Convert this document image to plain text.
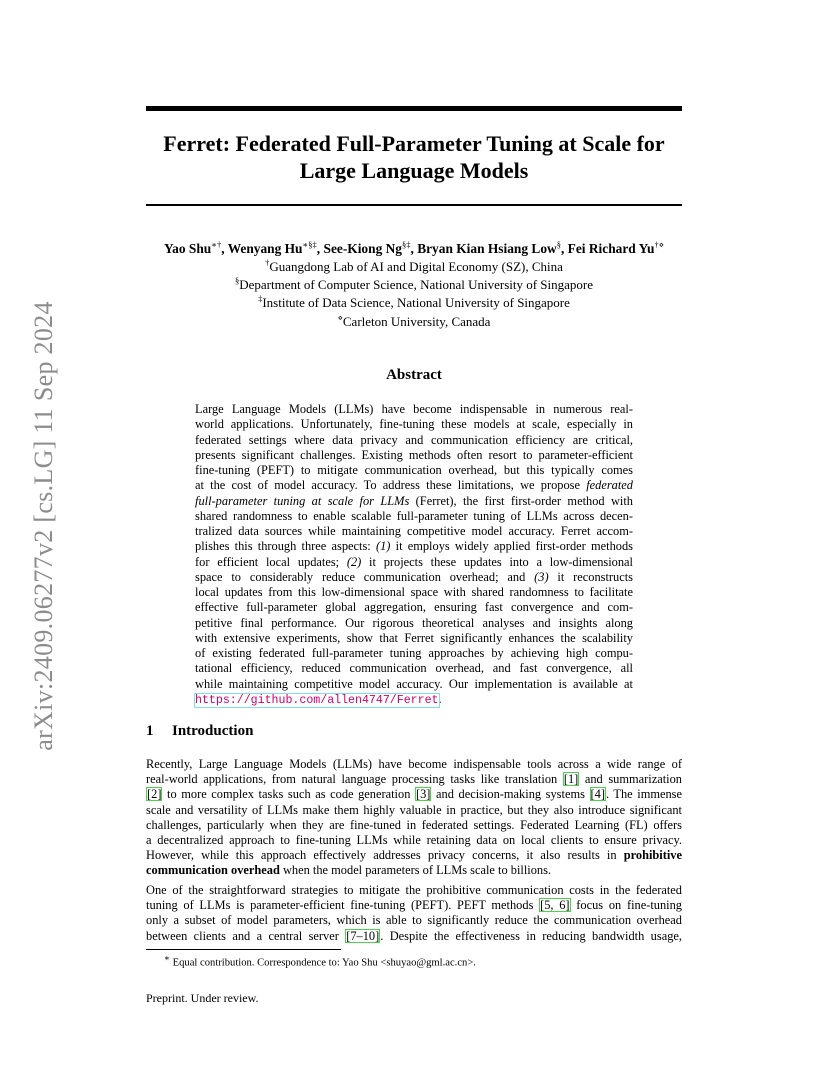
arXiv:2409.06277v2 [cs.LG] 11 Sep 2024
Ferret: Federated Full-Parameter Tuning at Scale for
Large Language Models
Yao Shu∗†, Wenyang Hu∗§‡, See-Kiong Ng§‡, Bryan Kian Hsiang Low§, Fei Richard Yu†⋄
†Guangdong Lab of AI and Digital Economy (SZ), China
§Department of Computer Science, National University of Singapore
‡Institute of Data Science, National University of Singapore
⋄Carleton University, Canada
Abstract
Large Language Models (LLMs) have become indispensable in numerous real-
world applications. Unfortunately, fine-tuning these models at scale, especially in
federated settings where data privacy and communication efficiency are critical,
presents significant challenges. Existing methods often resort to parameter-efficient
fine-tuning (PEFT) to mitigate communication overhead, but this typically comes
at the cost of model accuracy. To address these limitations, we propose federated
full-parameter tuning at scale for LLMs (Ferret), the first first-order method with
shared randomness to enable scalable full-parameter tuning of LLMs across decen-
tralized data sources while maintaining competitive model accuracy. Ferret accom-
plishes this through three aspects: (1) it employs widely applied first-order methods
for efficient local updates; (2) it projects these updates into a low-dimensional
space to considerably reduce communication overhead; and (3) it reconstructs
local updates from this low-dimensional space with shared randomness to facilitate
effective full-parameter global aggregation, ensuring fast convergence and com-
petitive final performance. Our rigorous theoretical analyses and insights along
with extensive experiments, show that Ferret significantly enhances the scalability
of existing federated full-parameter tuning approaches by achieving high compu-
tational efficiency, reduced communication overhead, and fast convergence, all
while maintaining competitive model accuracy. Our implementation is available at
https://github.com/allen4747/Ferret.
1 Introduction
Recently, Large Language Models (LLMs) have become indispensable tools across a wide range of
real-world applications, from natural language processing tasks like translation [1] and summarization
[2] to more complex tasks such as code generation [3] and decision-making systems [4]. The immense
scale and versatility of LLMs make them highly valuable in practice, but they also introduce significant
challenges, particularly when they are fine-tuned in federated settings. Federated Learning (FL) offers
a decentralized approach to fine-tuning LLMs while retaining data on local clients to ensure privacy.
However, while this approach effectively addresses privacy concerns, it also results in prohibitive
communication overhead when the model parameters of LLMs scale to billions.
One of the straightforward strategies to mitigate the prohibitive communication costs in the federated
tuning of LLMs is parameter-efficient fine-tuning (PEFT). PEFT methods [5, 6] focus on fine-tuning
only a subset of model parameters, which is able to significantly reduce the communication overhead
between clients and a central server [7–10]. Despite the effectiveness in reducing bandwidth usage,
∗ Equal contribution. Correspondence to: Yao Shu <shuyao@gml.ac.cn>.
Preprint. Under review.
